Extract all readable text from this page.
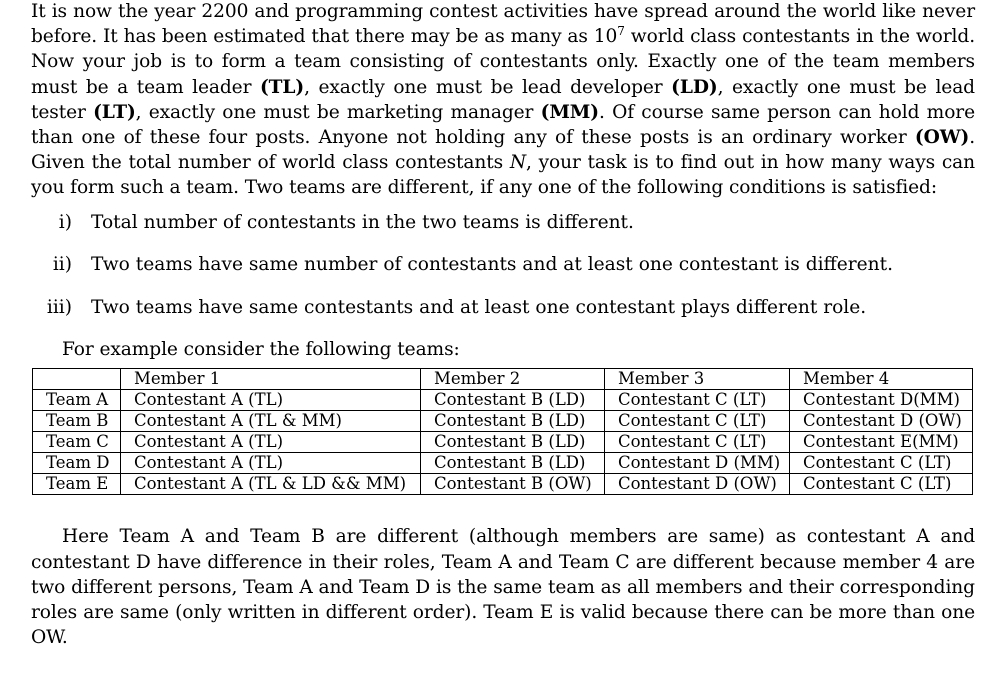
It is now the year 2200 and programming contest activities have spread around the world like never before. It has been estimated that there may be as many as $10^7$ world class contestants in the world. Now your job is to form a team consisting of contestants only. Exactly one of the team members must be a team leader (TL), exactly one must be lead developer (LD), exactly one must be lead tester (LT), exactly one must be marketing manager (MM). Of course same person can hold more than one of these four posts. Anyone not holding any of these posts is an ordinary worker (OW). Given the total number of world class contestants N, your task is to find out in how many ways can you form such a team. Two teams are different, if any one of the following conditions is satisfied:

i) Total number of contestants in the two teams is different.
ii) Two teams have same number of contestants and at least one contestant is different.
iii) Two teams have same contestants and at least one contestant plays different role.

For example consider the following teams:

	Member 1	Member 2	Member 3	Member 4
Team A	Contestant A (TL)	Contestant B (LD)	Contestant C (LT)	Contestant D(MM)
Team B	Contestant A (TL & MM)	Contestant B (LD)	Contestant C (LT)	Contestant D (OW)
Team C	Contestant A (TL)	Contestant B (LD)	Contestant C (LT)	Contestant E(MM)
Team D	Contestant A (TL)	Contestant B (LD)	Contestant D (MM)	Contestant C (LT)
Team E	Contestant A (TL & LD && MM)	Contestant B (OW)	Contestant D (OW)	Contestant C (LT)

Here Team A and Team B are different (although members are same) as contestant A and contestant D have difference in their roles, Team A and Team C are different because member 4 are two different persons, Team A and Team D is the same team as all members and their corresponding roles are same (only written in different order). Team E is valid because there can be more than one OW.
